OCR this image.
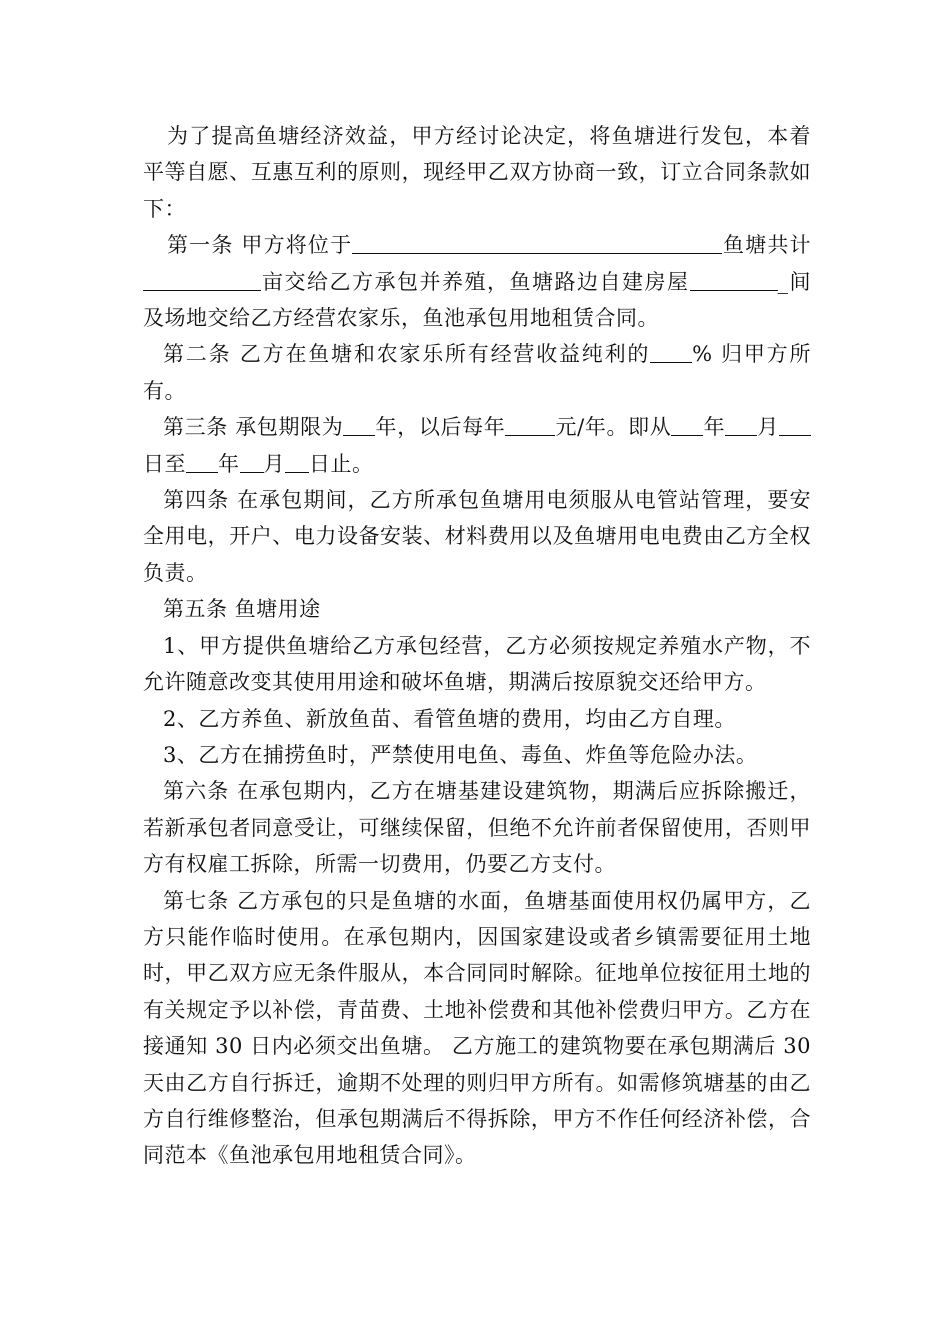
为了提高鱼塘经济效益，甲方经讨论决定，将鱼塘进行发包，本着平等自愿、互惠互利的原则，现经甲乙双方协商一致，订立合同条款如下：

第一条 甲方将位于	鱼塘共计亩交给乙方承包并养殖，鱼塘路边自建房屋	_间及场地交给乙方经营农家乐，鱼池承包用地租赁合同。

第二条 乙方在鱼塘和农家乐所有经营收益纯利的 % 归甲方所有。

第三条 承包期限为 年，以后每年 元/年。即从 年 月日至 年 月 日止。

第四条 在承包期间，乙方所承包鱼塘用电须服从电管站管理，要安全用电，开户、电力设备安装、材料费用以及鱼塘用电电费由乙方全权负责。

第五条 鱼塘用途

1、甲方提供鱼塘给乙方承包经营，乙方必须按规定养殖水产物，不允许随意改变其使用用途和破坏鱼塘，期满后按原貌交还给甲方。

2、乙方养鱼、新放鱼苗、看管鱼塘的费用，均由乙方自理。

3、乙方在捕捞鱼时，严禁使用电鱼、毒鱼、炸鱼等危险办法。

第六条 在承包期内，乙方在塘基建设建筑物，期满后应拆除搬迁，若新承包者同意受让，可继续保留，但绝不允许前者保留使用，否则甲方有权雇工拆除，所需一切费用，仍要乙方支付。

第七条 乙方承包的只是鱼塘的水面，鱼塘基面使用权仍属甲方，乙方只能作临时使用。在承包期内，因国家建设或者乡镇需要征用土地时，甲乙双方应无条件服从，本合同同时解除。征地单位按征用土地的有关规定予以补偿，青苗费、土地补偿费和其他补偿费归甲方。乙方在接通知 30 日内必须交出鱼塘。 乙方施工的建筑物要在承包期满后 30 天由乙方自行拆迁，逾期不处理的则归甲方所有。如需修筑塘基的由乙方自行维修整治，但承包期满后不得拆除，甲方不作任何经济补偿，合同范本《鱼池承包用地租赁合同》。
